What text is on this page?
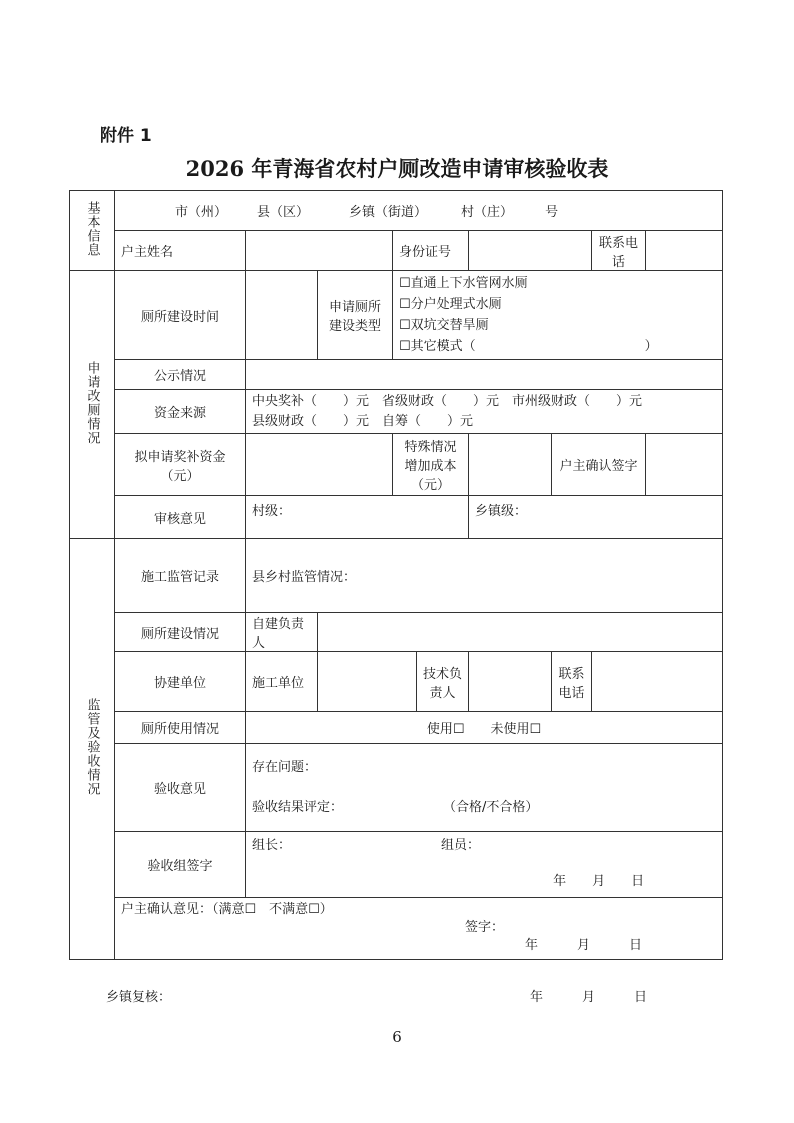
附件 1
2026 年青海省农村户厕改造申请审核验收表
基本信息	市（州） 县（区） 乡镇（街道） 村（庄） 号								
	户主姓名			身份证号				联系电话	
申请改厕情况	厕所建设时间		申请厕所建设类型	☐直通上下水管网水厕
☐分户处理式水厕
☐双坑交替旱厕
☐其它模式（　　　　　　　　　　　　　）					

	公示情况								
	资金来源	中央奖补（　　）元　省级财政（　　）元　市州级财政（　　）元
县级财政（　　）元　自筹（　　）元							

	拟申请奖补资金（元）			特殊情况增加成本（元）			户主确认签字		
	审核意见	村级：				乡镇级：			
监管及验收情况	施工监管记录	县乡村监管情况：							
	厕所建设情况	自建负责人							
	协建单位	施工单位			技术负责人		联系电话		
	厕所使用情况	使用☐　　未使用☐							
	验收意见	存在问题：
验收结果评定： （合格/不合格）							

	验收组签字	组长： 组员：
年　　月　　日							

	户主确认意见：（满意☐　不满意☐）
签字：
年　　　月　　　日								
乡镇复核：	年　　　月　　　日
6
